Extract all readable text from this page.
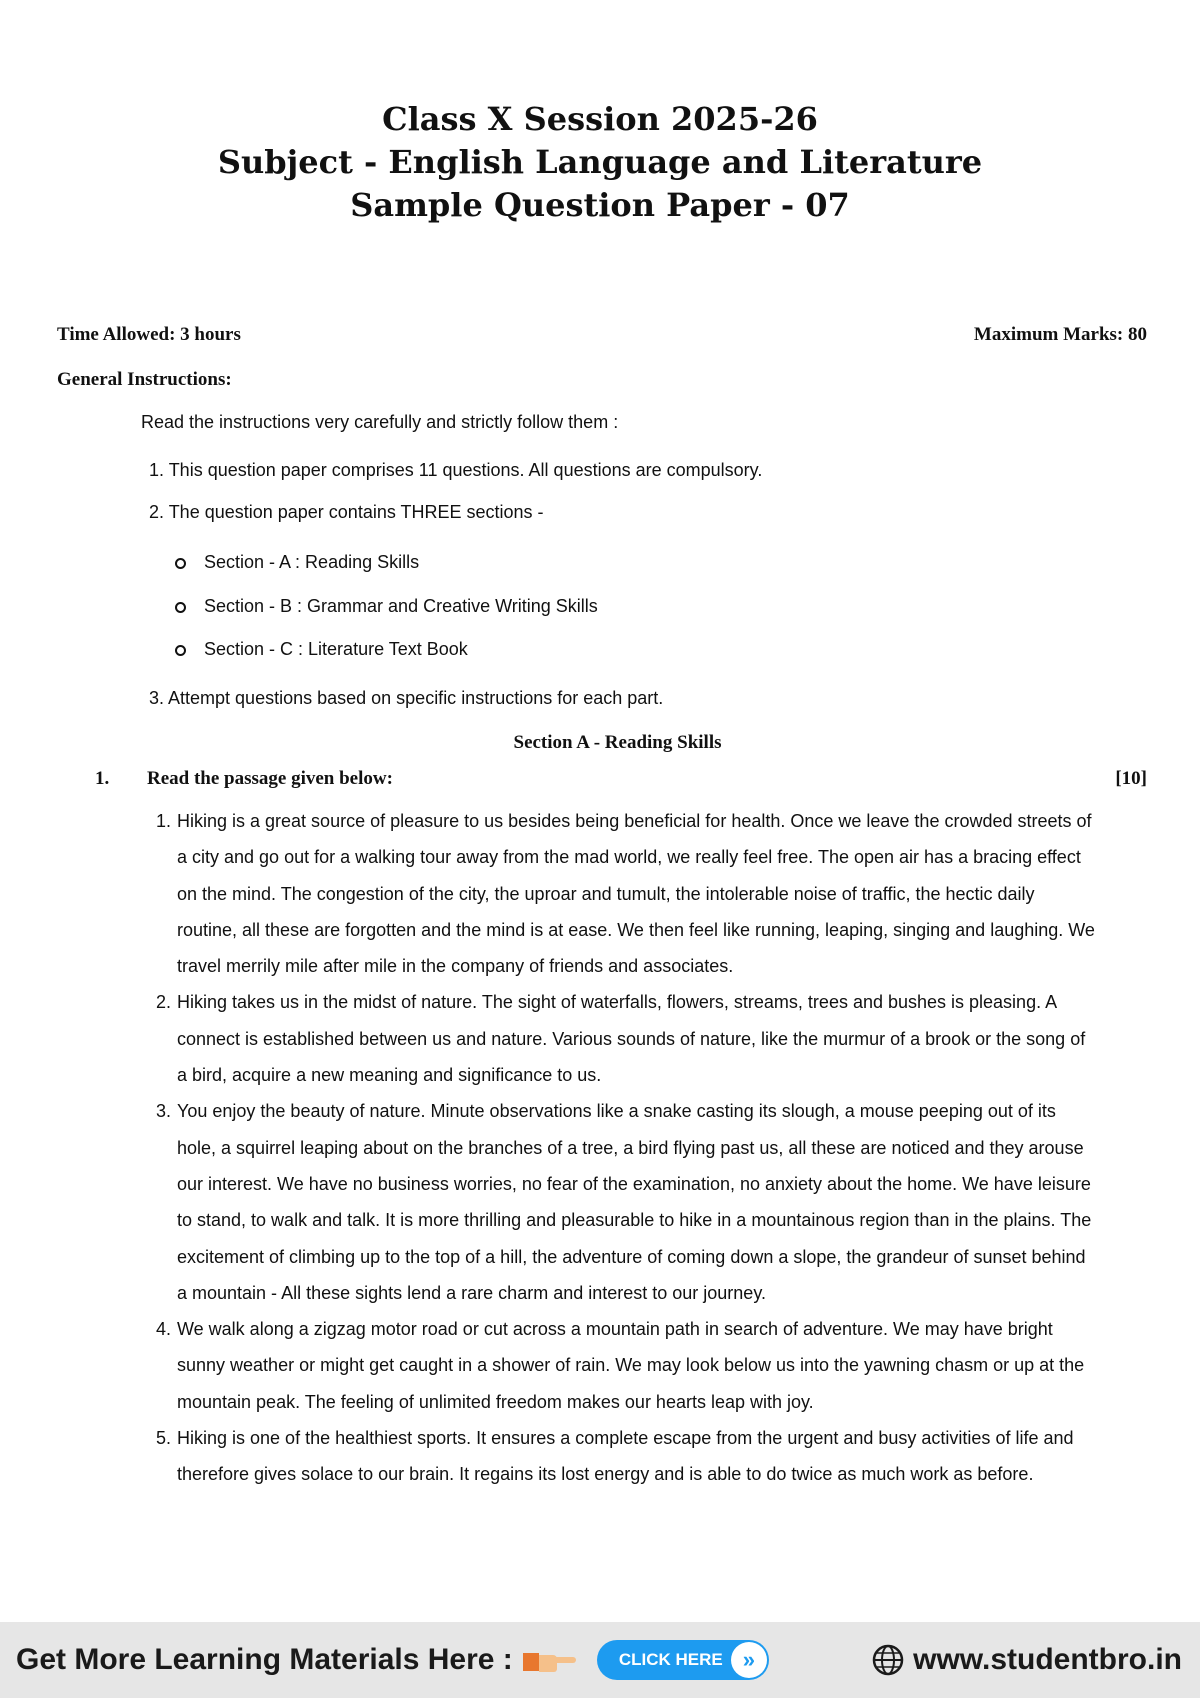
Class X Session 2025-26
Subject - English Language and Literature
Sample Question Paper - 07
Time Allowed: 3 hours	Maximum Marks: 80
General Instructions:
Read the instructions very carefully and strictly follow them :
1. This question paper comprises 11 questions. All questions are compulsory.
2. The question paper contains THREE sections -
Section - A : Reading Skills
Section - B : Grammar and Creative Writing Skills
Section - C : Literature Text Book
3. Attempt questions based on specific instructions for each part.
Section A - Reading Skills
1. Read the passage given below:	[10]
1. Hiking is a great source of pleasure to us besides being beneficial for health. Once we leave the crowded streets of a city and go out for a walking tour away from the mad world, we really feel free. The open air has a bracing effect on the mind. The congestion of the city, the uproar and tumult, the intolerable noise of traffic, the hectic daily routine, all these are forgotten and the mind is at ease. We then feel like running, leaping, singing and laughing. We travel merrily mile after mile in the company of friends and associates.
2. Hiking takes us in the midst of nature. The sight of waterfalls, flowers, streams, trees and bushes is pleasing. A connect is established between us and nature. Various sounds of nature, like the murmur of a brook or the song of a bird, acquire a new meaning and significance to us.
3. You enjoy the beauty of nature. Minute observations like a snake casting its slough, a mouse peeping out of its hole, a squirrel leaping about on the branches of a tree, a bird flying past us, all these are noticed and they arouse our interest. We have no business worries, no fear of the examination, no anxiety about the home. We have leisure to stand, to walk and talk. It is more thrilling and pleasurable to hike in a mountainous region than in the plains. The excitement of climbing up to the top of a hill, the adventure of coming down a slope, the grandeur of sunset behind a mountain - All these sights lend a rare charm and interest to our journey.
4. We walk along a zigzag motor road or cut across a mountain path in search of adventure. We may have bright sunny weather or might get caught in a shower of rain. We may look below us into the yawning chasm or up at the mountain peak. The feeling of unlimited freedom makes our hearts leap with joy.
5. Hiking is one of the healthiest sports. It ensures a complete escape from the urgent and busy activities of life and therefore gives solace to our brain. It regains its lost energy and is able to do twice as much work as before.
Get More Learning Materials Here :	CLICK HERE »	www.studentbro.in
